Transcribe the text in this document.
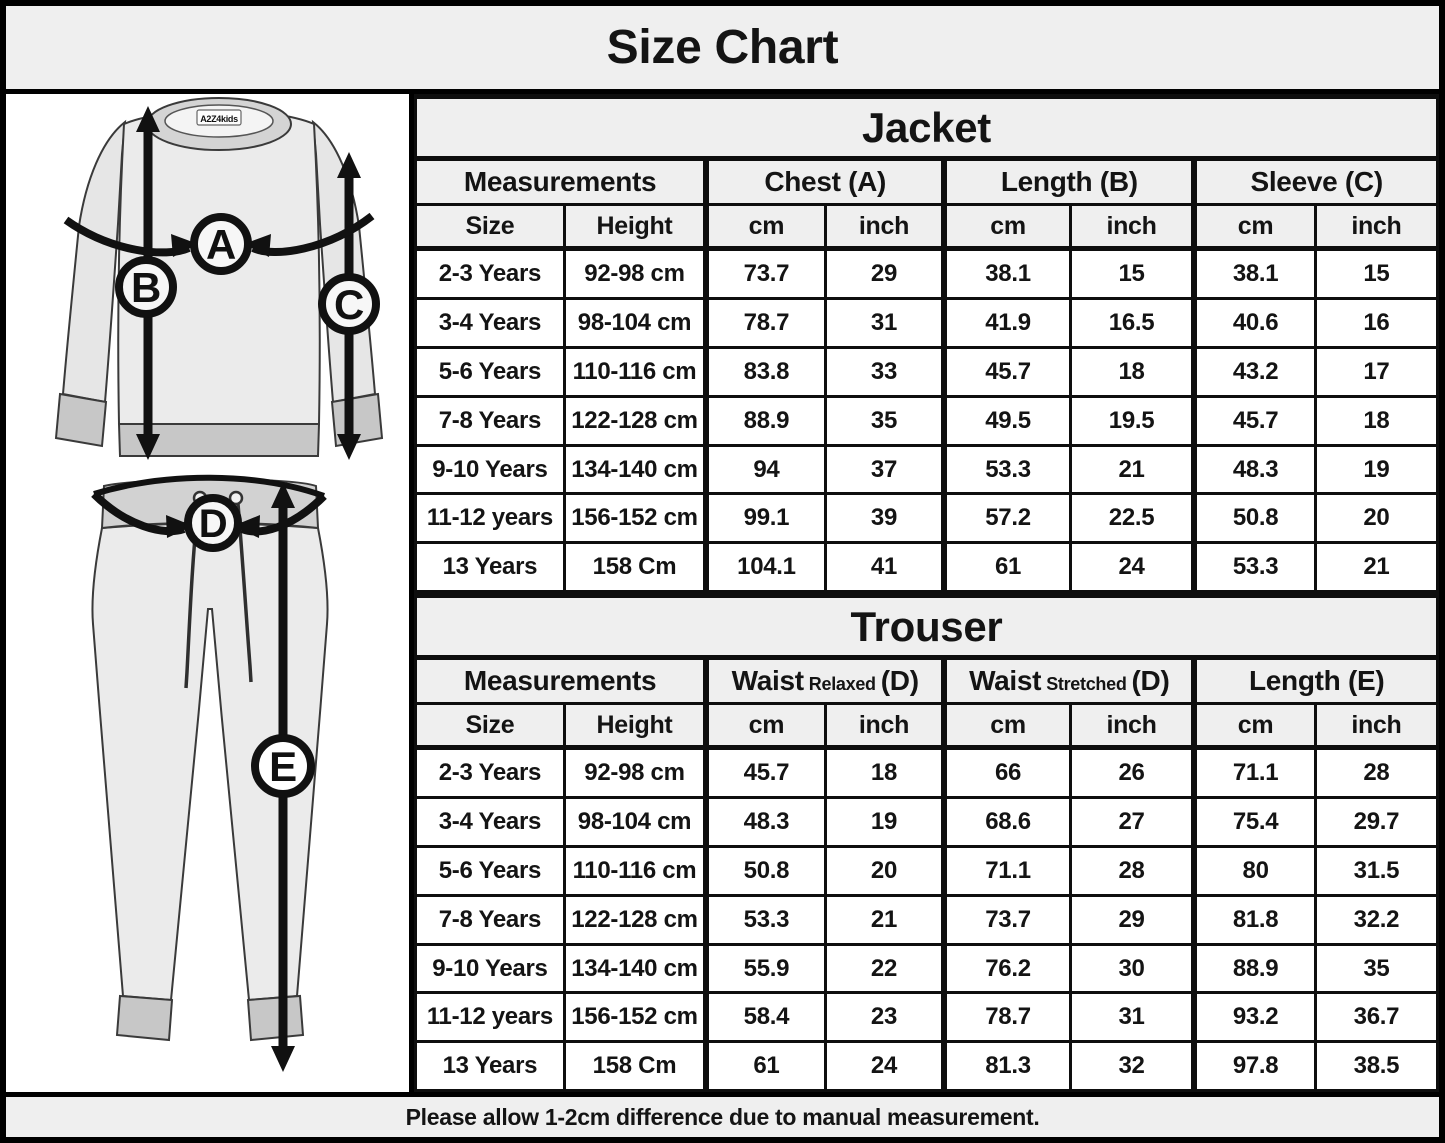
Size Chart
A2Z4kids
A
B	C
D
E
Jacket							
Measurements		Chest (A)		Length (B)		Sleeve (C)	
Size	Height	cm	inch	cm	inch	cm	inch
2-3 Years	92-98 cm	73.7	29	38.1	15	38.1	15
3-4 Years	98-104 cm	78.7	31	41.9	16.5	40.6	16
5-6 Years	110-116 cm	83.8	33	45.7	18	43.2	17
7-8 Years	122-128 cm	88.9	35	49.5	19.5	45.7	18
9-10 Years	134-140 cm	94	37	53.3	21	48.3	19
11-12 years	156-152 cm	99.1	39	57.2	22.5	50.8	20
13 Years	158 Cm	104.1	41	61	24	53.3	21
Trouser							
Measurements		Waist Relaxed (D)		Waist Stretched (D)		Length (E)	
Size	Height	cm	inch	cm	inch	cm	inch
2-3 Years	92-98 cm	45.7	18	66	26	71.1	28
3-4 Years	98-104 cm	48.3	19	68.6	27	75.4	29.7
5-6 Years	110-116 cm	50.8	20	71.1	28	80	31.5
7-8 Years	122-128 cm	53.3	21	73.7	29	81.8	32.2
9-10 Years	134-140 cm	55.9	22	76.2	30	88.9	35
11-12 years	156-152 cm	58.4	23	78.7	31	93.2	36.7
13 Years	158 Cm	61	24	81.3	32	97.8	38.5
Please allow 1-2cm difference due to manual measurement.
